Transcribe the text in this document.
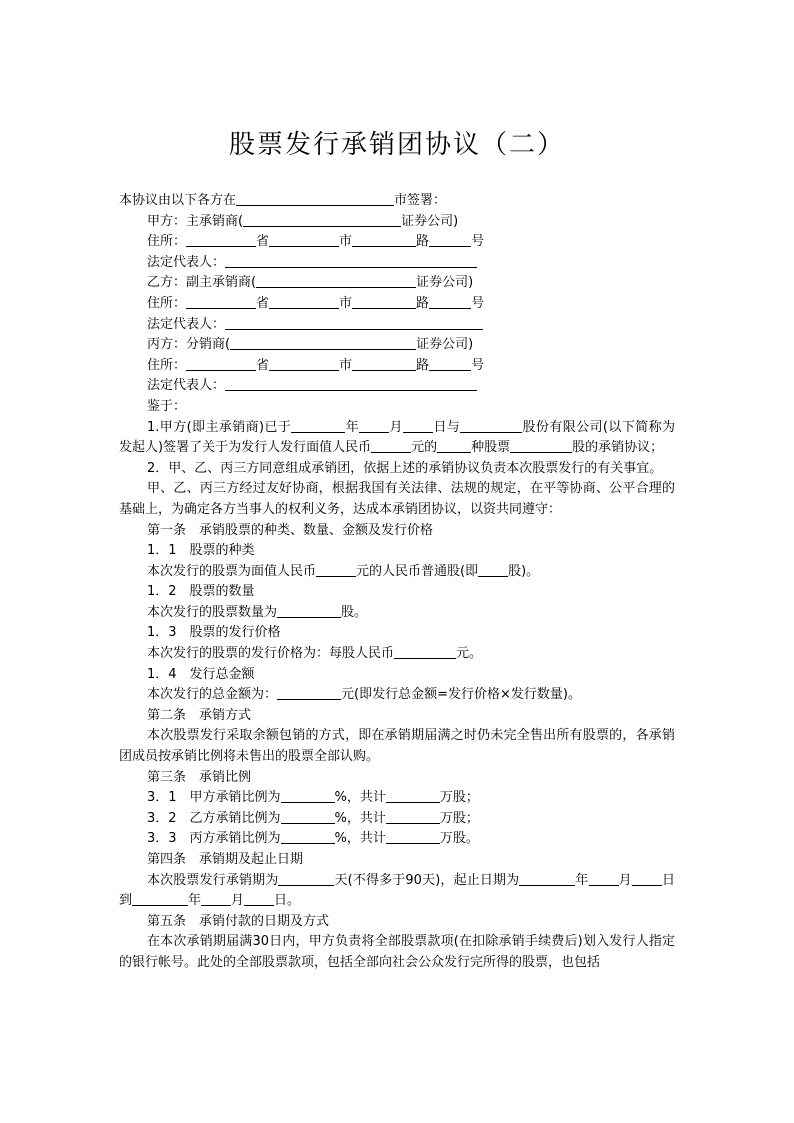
股票发行承销团协议（二）
本协议由以下各方在	市签署：
甲方：主承销商(	证券公司)
住所：	省	市	路	号
法定代表人：
乙方：副主承销商(	证券公司)
住所：	省	市	路	号
法定代表人：
丙方：分销商(	证券公司)
住所：	省	市	路	号
法定代表人：
鉴于：
1.甲方(即主承销商)已于	年 月 日与	股份有限公司(以下简称为发起人)签署了关于为发行人发行面值人民币	元的	种股票	股的承销协议；
2．甲、乙、丙三方同意组成承销团，依据上述的承销协议负责本次股票发行的有关事宜。
甲、乙、丙三方经过友好协商，根据我国有关法律、法规的规定，在平等协商、公平合理的基础上，为确定各方当事人的权利义务，达成本承销团协议，以资共同遵守：
第一条　承销股票的种类、数量、金额及发行价格
1．1　股票的种类
本次发行的股票为面值人民币	元的人民币普通股(即 股)。
1．2　股票的数量
本次发行的股票数量为	股。
1．3　股票的发行价格
本次发行的股票的发行价格为：每股人民币	元。
1．4　发行总金额
本次发行的总金额为：	元(即发行总金额=发行价格×发行数量)。
第二条　承销方式
本次股票发行采取余额包销的方式，即在承销期届满之时仍未完全售出所有股票的，各承销团成员按承销比例将未售出的股票全部认购。
第三条　承销比例
3．1　甲方承销比例为	%，共计	万股；
3．2　乙方承销比例为	%，共计	万股；
3．3　丙方承销比例为	%，共计	万股。
第四条　承销期及起止日期
本次股票发行承销期为	天(不得多于90天)，起止日期为	年 月 日到	年 月 日。
第五条　承销付款的日期及方式
在本次承销期届满30日内，甲方负责将全部股票款项(在扣除承销手续费后)划入发行人指定的银行帐号。此处的全部股票款项，包括全部向社会公众发行完所得的股票，也包括
